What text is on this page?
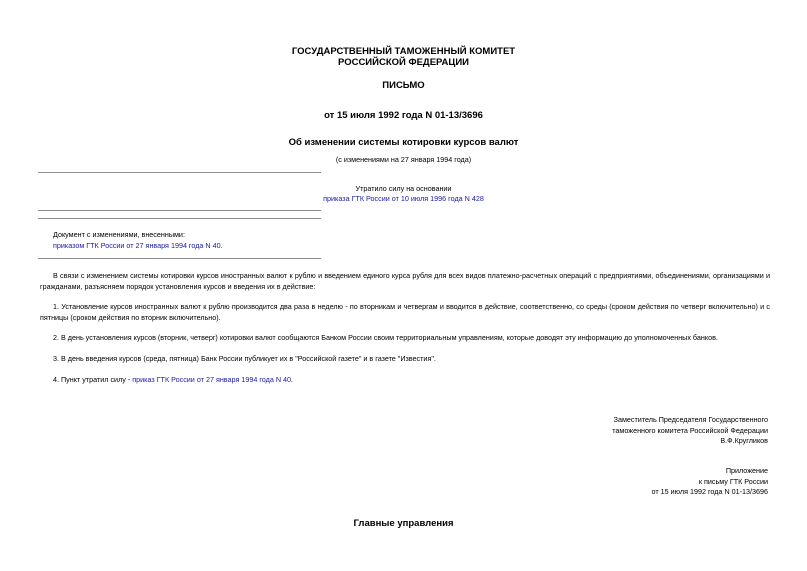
ГОСУДАРСТВЕННЫЙ ТАМОЖЕННЫЙ КОМИТЕТ
РОССИЙСКОЙ ФЕДЕРАЦИИ
ПИСЬМО
от 15 июля 1992 года N 01-13/3696
Об изменении системы котировки курсов валют
(с изменениями на 27 января 1994 года)
Утратило силу на основании
приказа ГТК России от 10 июля 1996 года N 428
Документ с изменениями, внесенными:
приказом ГТК России от 27 января 1994 года N 40.
В связи с изменением системы котировки курсов иностранных валют к рублю и введением единого курса рубля для всех видов платежно-расчетных операций с предприятиями, объединениями, организациями и гражданами, разъясняем порядок установления курсов и введения их в действие:
1. Установление курсов иностранных валют к рублю производится два раза в неделю - по вторникам и четвергам и вводится в действие, соответственно, со среды (сроком действия по четверг включительно) и с пятницы (сроком действия по вторник включительно).
2. В день установления курсов (вторник, четверг) котировки валют сообщаются Банком России своим территориальным управлениям, которые доводят эту информацию до уполномоченных банков.
3. В день введения курсов (среда, пятница) Банк России публикует их в "Российской газете" и в газете "Известия".
4. Пункт утратил силу - приказ ГТК России от 27 января 1994 года N 40.
Заместитель Председателя Государственного
таможенного комитета Российской Федерации
В.Ф.Кругликов
Приложение
к письму ГТК России
от 15 июля 1992 года N 01-13/3696
Главные управления
